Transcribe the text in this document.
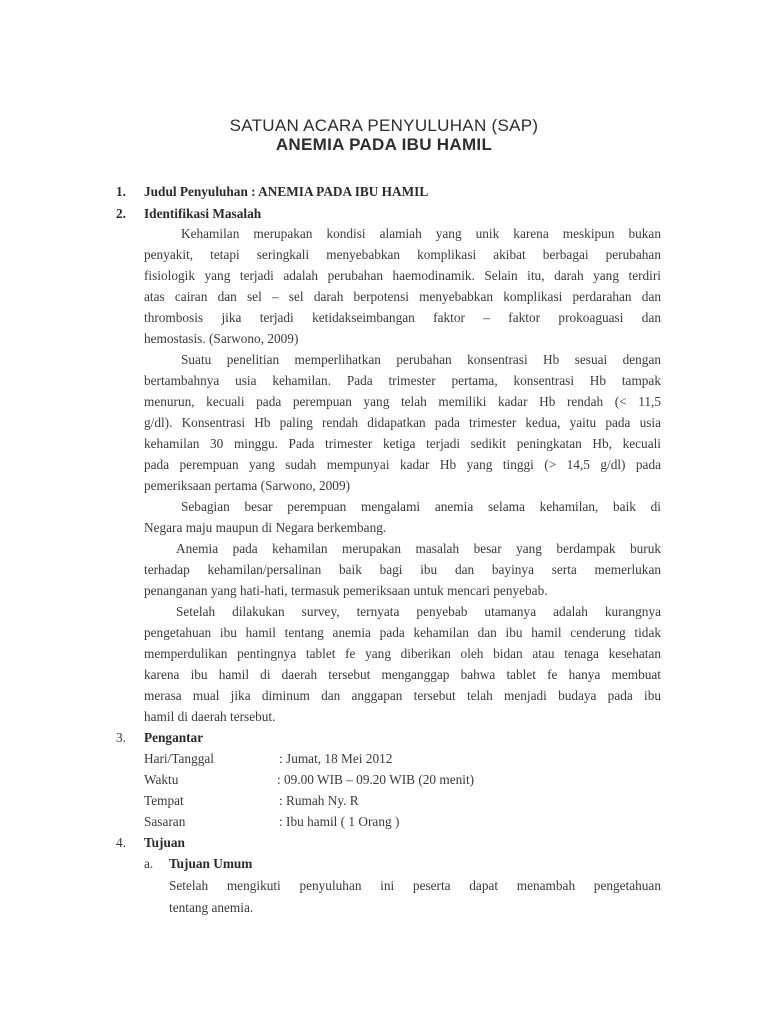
SATUAN ACARA PENYULUHAN (SAP)
ANEMIA PADA IBU HAMIL
1. Judul Penyuluhan : ANEMIA PADA IBU HAMIL
2. Identifikasi Masalah
Kehamilan merupakan kondisi alamiah yang unik karena meskipun bukan
penyakit, tetapi seringkali menyebabkan komplikasi akibat berbagai perubahan
fisiologik yang terjadi adalah perubahan haemodinamik. Selain itu, darah yang terdiri
atas cairan dan sel – sel darah berpotensi menyebabkan komplikasi perdarahan dan
thrombosis jika terjadi ketidakseimbangan faktor – faktor prokoaguasi dan
hemostasis. (Sarwono, 2009)
Suatu penelitian memperlihatkan perubahan konsentrasi Hb sesuai dengan
bertambahnya usia kehamilan. Pada trimester pertama, konsentrasi Hb tampak
menurun, kecuali pada perempuan yang telah memiliki kadar Hb rendah (< 11,5
g/dl). Konsentrasi Hb paling rendah didapatkan pada trimester kedua, yaitu pada usia
kehamilan 30 minggu. Pada trimester ketiga terjadi sedikit peningkatan Hb, kecuali
pada perempuan yang sudah mempunyai kadar Hb yang tinggi (> 14,5 g/dl) pada
pemeriksaan pertama (Sarwono, 2009)
Sebagian besar perempuan mengalami anemia selama kehamilan, baik di
Negara maju maupun di Negara berkembang.
Anemia pada kehamilan merupakan masalah besar yang berdampak buruk
terhadap kehamilan/persalinan baik bagi ibu dan bayinya serta memerlukan
penanganan yang hati-hati, termasuk pemeriksaan untuk mencari penyebab.
Setelah dilakukan survey, ternyata penyebab utamanya adalah kurangnya
pengetahuan ibu hamil tentang anemia pada kehamilan dan ibu hamil cenderung tidak
memperdulikan pentingnya tablet fe yang diberikan oleh bidan atau tenaga kesehatan
karena ibu hamil di daerah tersebut menganggap bahwa tablet fe hanya membuat
merasa mual jika diminum dan anggapan tersebut telah menjadi budaya pada ibu
hamil di daerah tersebut.
3. Pengantar
Hari/Tanggal	: Jumat, 18 Mei 2012
Waktu	: 09.00 WIB – 09.20 WIB (20 menit)
Tempat	: Rumah Ny. R
Sasaran	: Ibu hamil ( 1 Orang )
4. Tujuan
a. Tujuan Umum
Setelah mengikuti penyuluhan ini peserta dapat menambah pengetahuan
tentang anemia.
